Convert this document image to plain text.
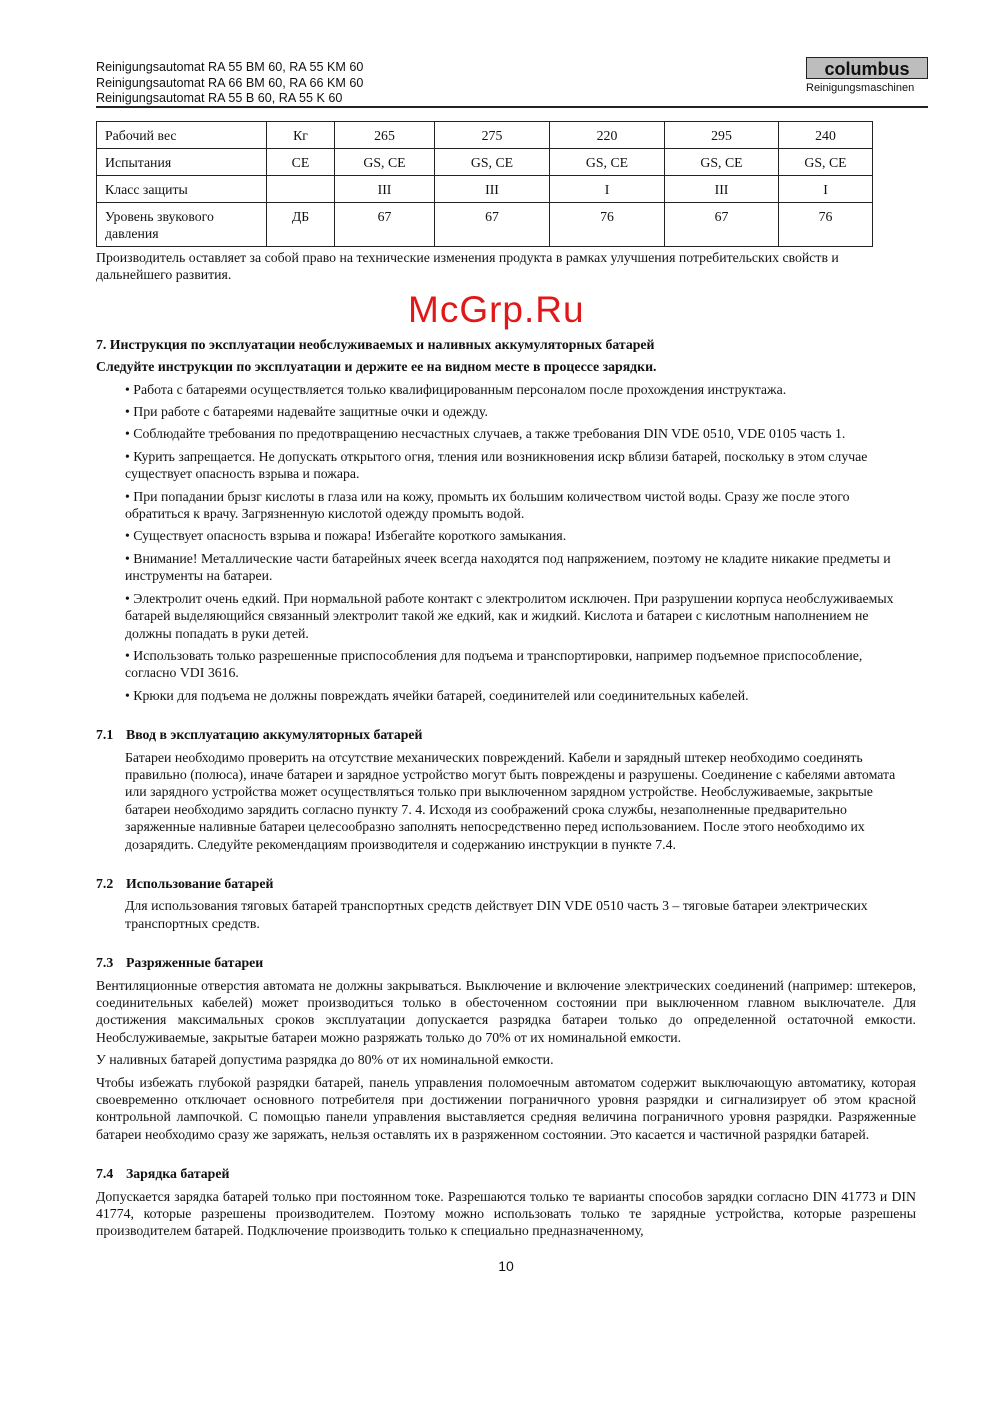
Reinigungsautomat RA 55 BM 60, RA 55 KM 60
Reinigungsautomat RA 66 BM 60, RA 66 KM 60
Reinigungsautomat RA 55 B 60, RA 55 K 60
columbus
Reinigungsmaschinen
Рабочий вес	Кг	265	275	220	295	240
Испытания	CE	GS, CE	GS, CE	GS, CE	GS, CE	GS, CE
Класс защиты		III	III	I	III	I
Уровень звукового давления	ДБ	67	67	76	67	76

Производитель оставляет за собой право на технические изменения продукта в рамках улучшения потребительских свойств и дальнейшего развития.

McGrp.Ru

7. Инструкция по эксплуатации необслуживаемых и наливных аккумуляторных батарей

Следуйте инструкции по эксплуатации и держите ее на видном месте в процессе зарядки.

• Работа с батареями осуществляется только квалифицированным персоналом после прохождения инструктажа.

• При работе с батареями надевайте защитные очки и одежду.

• Соблюдайте требования по предотвращению несчастных случаев, а также требования DIN VDE 0510, VDE 0105 часть 1.

• Курить запрещается. Не допускать открытого огня, тления или возникновения искр вблизи батарей, поскольку в этом случае существует опасность взрыва и пожара.

• При попадании брызг кислоты в глаза или на кожу, промыть их большим количеством чистой воды. Сразу же после этого обратиться к врачу. Загрязненную кислотой одежду промыть водой.

• Существует опасность взрыва и пожара! Избегайте короткого замыкания.

• Внимание! Металлические части батарейных ячеек всегда находятся под напряжением, поэтому не кладите никакие предметы и инструменты на батареи.

• Электролит очень едкий. При нормальной работе контакт с электролитом исключен. При разрушении корпуса необслуживаемых батарей выделяющийся связанный электролит такой же едкий, как и жидкий. Кислота и батареи с кислотным наполнением не должны попадать в руки детей.

• Использовать только разрешенные приспособления для подъема и транспортировки, например подъемное приспособление, согласно VDI 3616.

• Крюки для подъема не должны повреждать ячейки батарей, соединителей или соединительных кабелей.

7.1 Ввод в эксплуатацию аккумуляторных батарей

Батареи необходимо проверить на отсутствие механических повреждений. Кабели и зарядный штекер необходимо соединять правильно (полюса), иначе батареи и зарядное устройство могут быть повреждены и разрушены. Соединение с кабелями автомата или зарядного устройства может осуществляться только при выключенном зарядном устройстве. Необслуживаемые, закрытые батареи необходимо зарядить согласно пункту 7. 4. Исходя из соображений срока службы, незаполненные предварительно заряженные наливные батареи целесообразно заполнять непосредственно перед использованием. После этого необходимо их дозарядить. Следуйте рекомендациям производителя и содержанию инструкции в пункте 7.4.

7.2 Использование батарей

Для использования тяговых батарей транспортных средств действует DIN VDE 0510 часть 3 – тяговые батареи электрических транспортных средств.

7.3 Разряженные батареи

Вентиляционные отверстия автомата не должны закрываться. Выключение и включение электрических соединений (например: штекеров, соединительных кабелей) может производиться только в обесточенном состоянии при выключенном главном выключателе. Для достижения максимальных сроков эксплуатации допускается разрядка батареи только до определенной остаточной емкости. Необслуживаемые, закрытые батареи можно разряжать только до 70% от их номинальной емкости.

У наливных батарей допустима разрядка до 80% от их номинальной емкости.

Чтобы избежать глубокой разрядки батарей, панель управления поломоечным автоматом содержит выключающую автоматику, которая своевременно отключает основного потребителя при достижении пограничного уровня разрядки и сигнализирует об этом красной контрольной лампочкой. С помощью панели управления выставляется средняя величина пограничного уровня разрядки. Разряженные батареи необходимо сразу же заряжать, нельзя оставлять их в разряженном состоянии. Это касается и частичной разрядки батарей.

7.4 Зарядка батарей

Допускается зарядка батарей только при постоянном токе. Разрешаются только те варианты способов зарядки согласно DIN 41773 и DIN 41774, которые разрешены производителем. Поэтому можно использовать только те зарядные устройства, которые разрешены производителем батарей. Подключение производить только к специально предназначенному,

10
